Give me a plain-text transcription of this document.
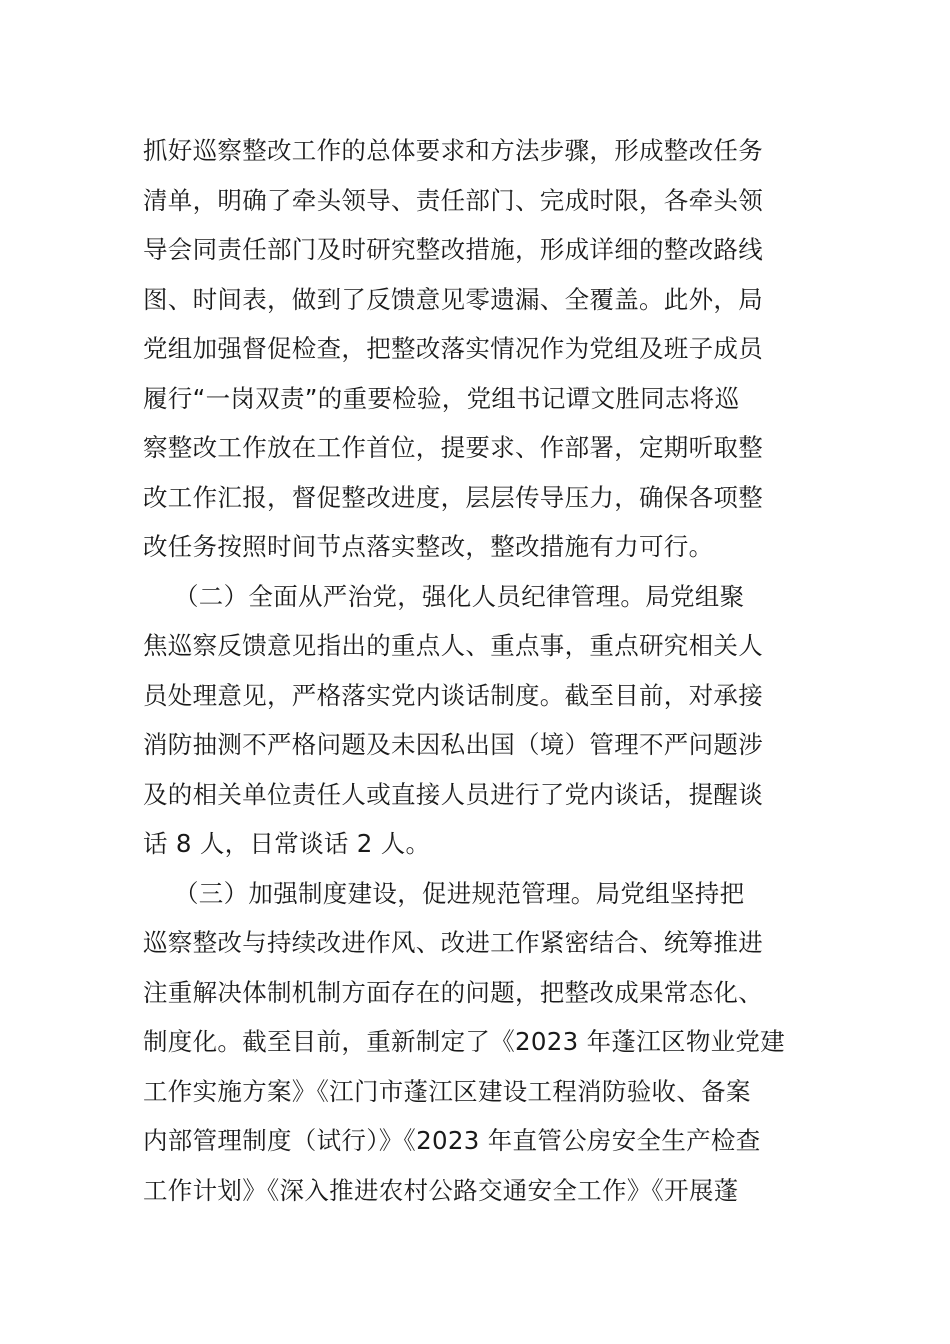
抓好巡察整改工作的总体要求和方法步骤，形成整改任务
清单，明确了牵头领导、责任部门、完成时限，各牵头领
导会同责任部门及时研究整改措施，形成详细的整改路线
图、时间表，做到了反馈意见零遗漏、全覆盖。此外，局
党组加强督促检查，把整改落实情况作为党组及班子成员
履行“一岗双责”的重要检验，党组书记谭文胜同志将巡
察整改工作放在工作首位，提要求、作部署，定期听取整
改工作汇报，督促整改进度，层层传导压力，确保各项整
改任务按照时间节点落实整改，整改措施有力可行。
（二）全面从严治党，强化人员纪律管理。局党组聚
焦巡察反馈意见指出的重点人、重点事，重点研究相关人
员处理意见，严格落实党内谈话制度。截至目前，对承接
消防抽测不严格问题及未因私出国（境）管理不严问题涉
及的相关单位责任人或直接人员进行了党内谈话，提醒谈
话 8 人，日常谈话 2 人。
（三）加强制度建设，促进规范管理。局党组坚持把
巡察整改与持续改进作风、改进工作紧密结合、统筹推进
注重解决体制机制方面存在的问题，把整改成果常态化、
制度化。截至目前，重新制定了《2023 年蓬江区物业党建
工作实施方案》《江门市蓬江区建设工程消防验收、备案
内部管理制度（试行）》《2023 年直管公房安全生产检查
工作计划》《深入推进农村公路交通安全工作》《开展蓬
